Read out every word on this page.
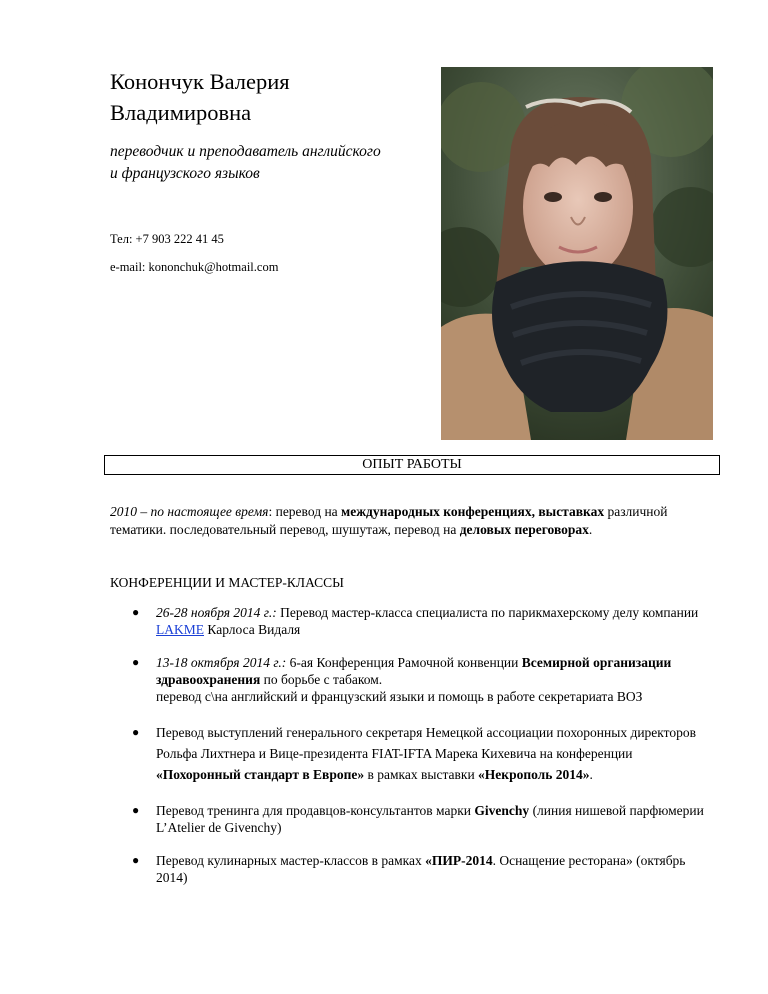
Конончук Валерия
Владимировна
переводчик и преподаватель английского
и французского языков
Тел: +7 903 222 41 45
e-mail: kononchuk@hotmail.com
ОПЫТ РАБОТЫ
2010 – по настоящее время: перевод на международных конференциях, выставках различной тематики. последовательный перевод, шушутаж, перевод на деловых переговорах.
КОНФЕРЕНЦИИ И МАСТЕР-КЛАССЫ
● 26-28 ноября 2014 г.: Перевод мастер-класса специалиста по парикмахерскому делу компании LAKME Карлоса Видаля
● 13-18 октября 2014 г.: 6-ая Конференция Рамочной конвенции Всемирной организации здравоохранения по борьбе с табаком.
перевод с\на английский и французский языки и помощь в работе секретариата ВОЗ
● Перевод выступлений генерального секретаря Немецкой ассоциации похоронных директоров Рольфа Лихтнера и Вице-президента FIAT-IFTA Марека Кихевича на конференции «Похоронный стандарт в Европе» в рамках выставки «Некрополь 2014».
● Перевод тренинга для продавцов-консультантов марки Givenchy (линия нишевой парфюмерии L’Atelier de Givenchy)
● Перевод кулинарных мастер-классов в рамках «ПИР-2014. Оснащение ресторана» (октябрь 2014)
